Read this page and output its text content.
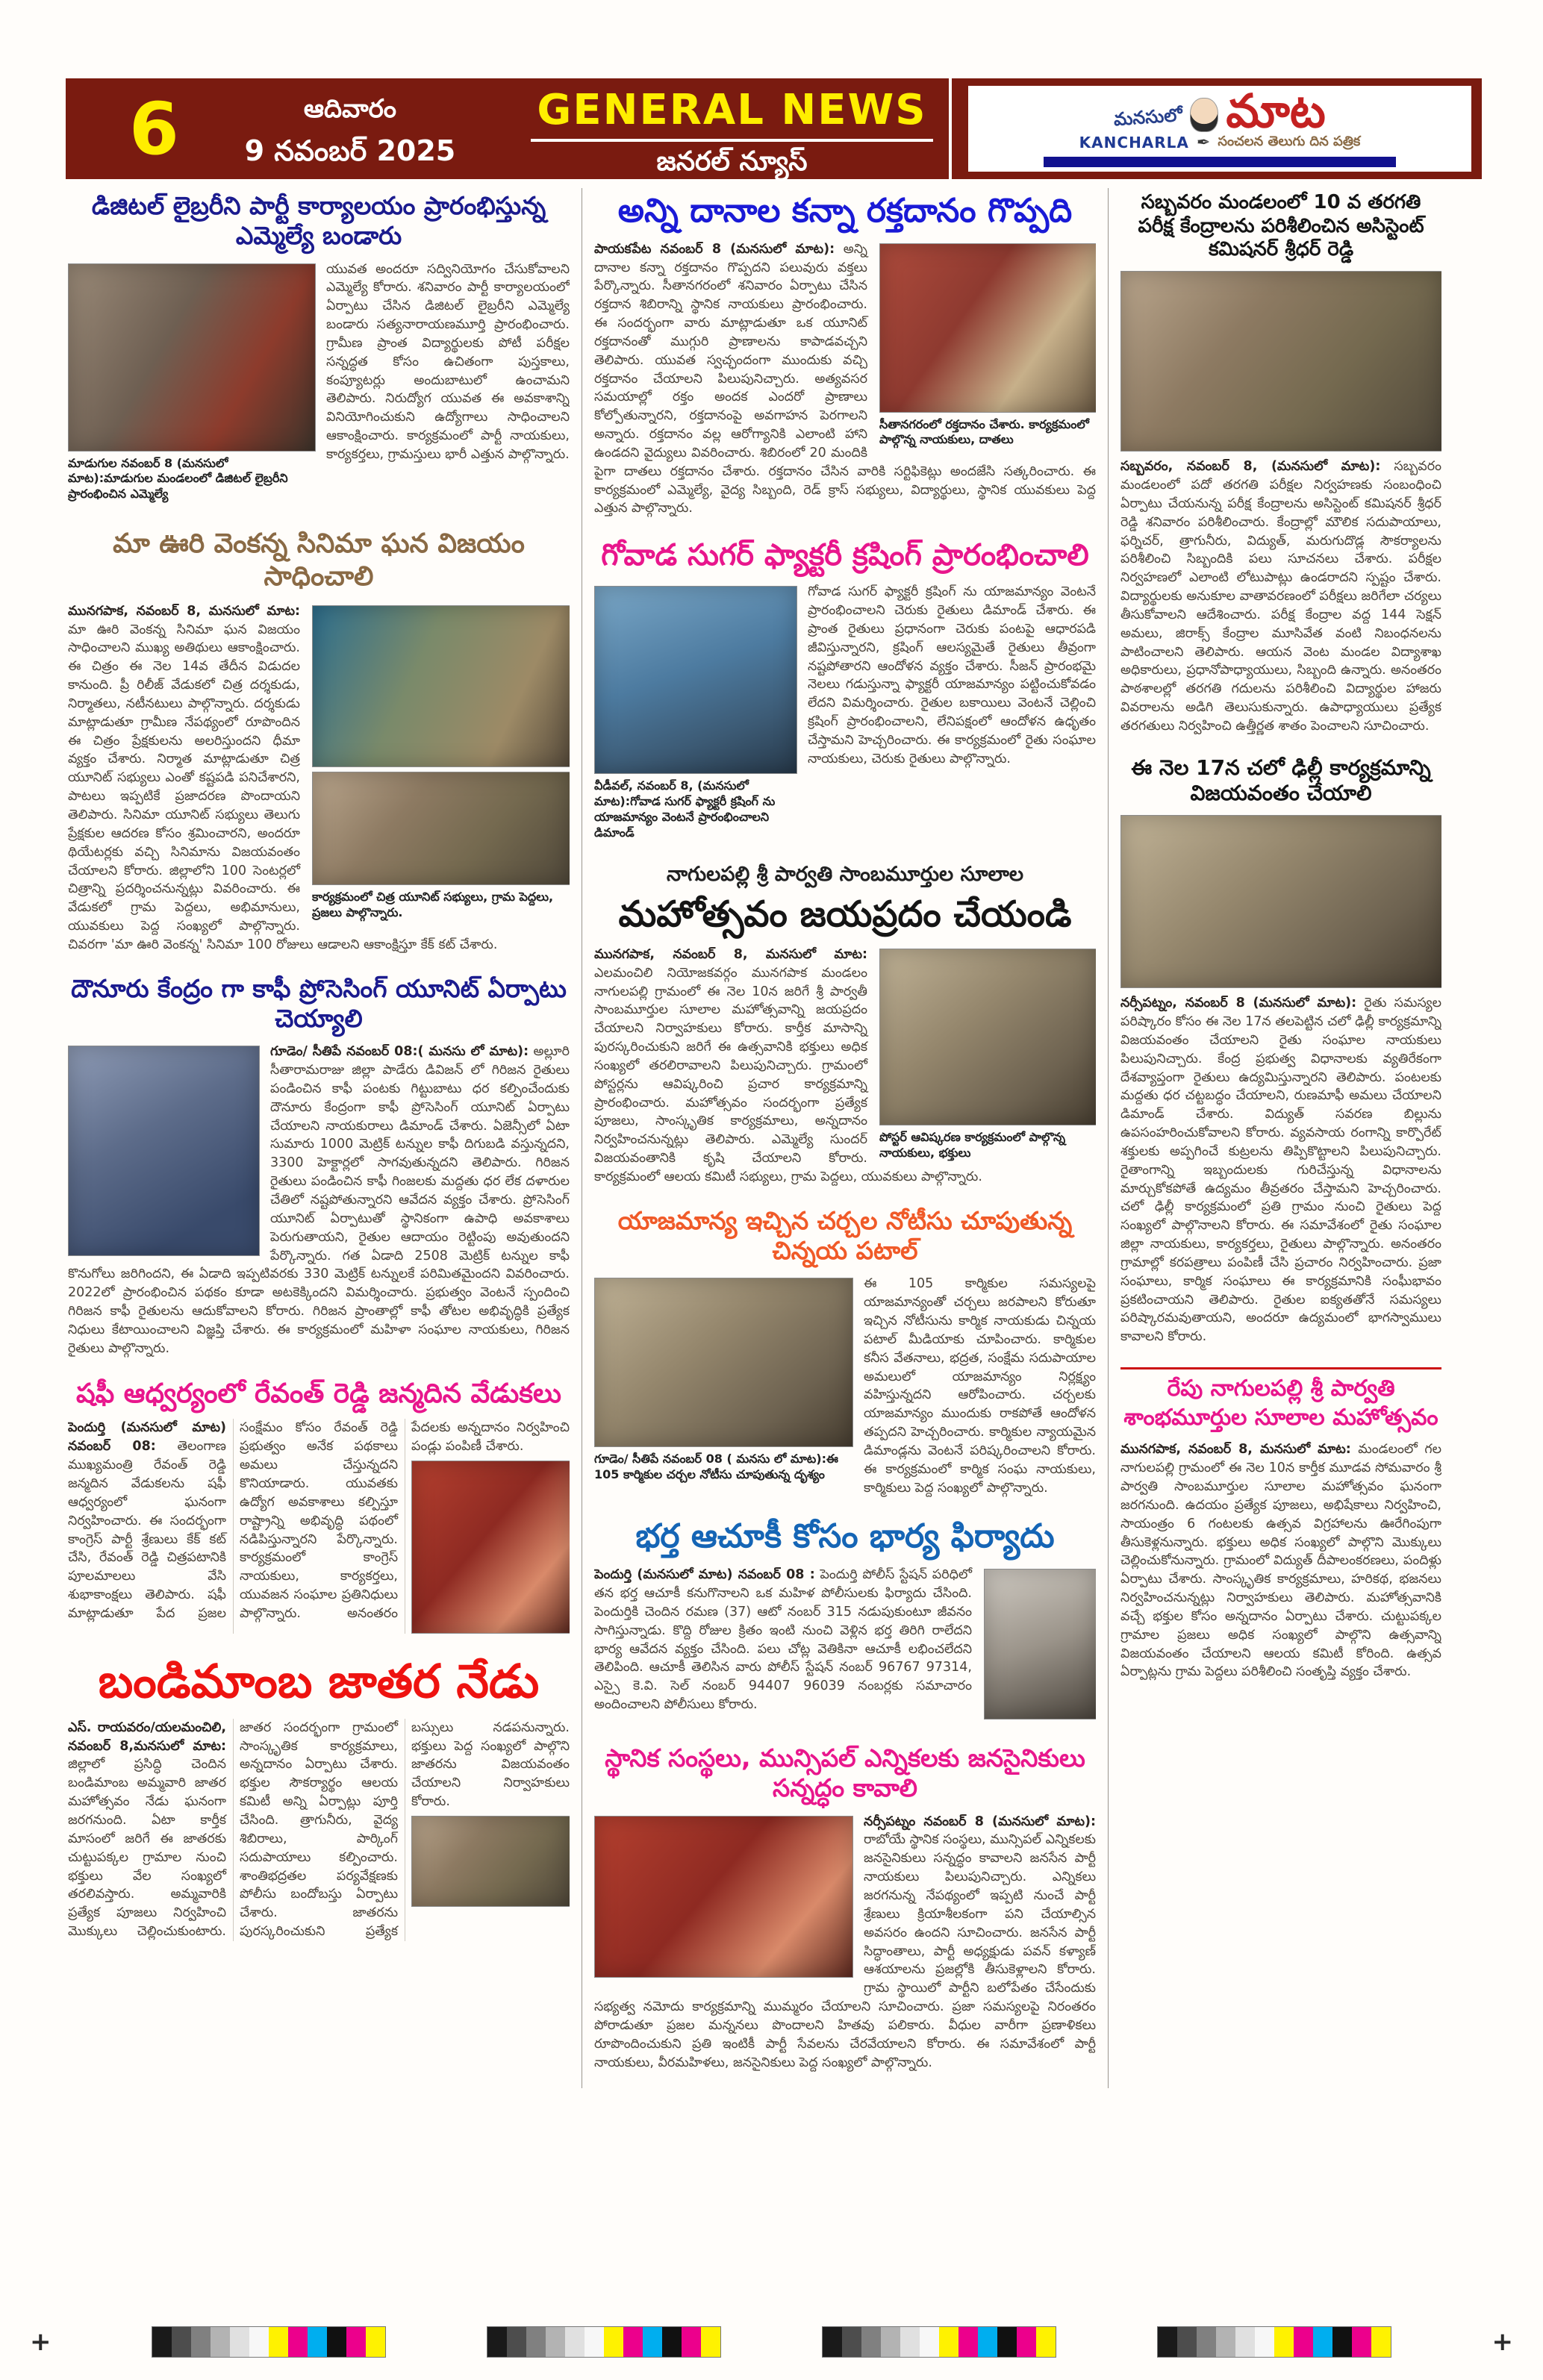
6	ఆదివారం
9 నవంబర్ 2025
GENERAL NEWS
జనరల్ న్యూస్
మనసులో మాట
KANCHARLA ✒ సంచలన తెలుగు దిన పత్రిక
డిజిటల్ లైబ్రరీని పార్టీ కార్యాలయం ప్రారంభిస్తున్న ఎమ్మెల్యే బండారు

మాడుగుల నవంబర్ 8 (మనసులో మాట):మాడుగుల మండలంలో డిజిటల్ లైబ్రరీని ప్రారంభించిన ఎమ్మెల్యే

యువత అందరూ సద్వినియోగం చేసుకోవాలని ఎమ్మెల్యే కోరారు. శనివారం పార్టీ కార్యాలయంలో ఏర్పాటు చేసిన డిజిటల్ లైబ్రరీని ఎమ్మెల్యే బండారు సత్యనారాయణమూర్తి ప్రారంభించారు. గ్రామీణ ప్రాంత విద్యార్థులకు పోటీ పరీక్షల సన్నద్ధత కోసం ఉచితంగా పుస్తకాలు, కంప్యూటర్లు అందుబాటులో ఉంచామని తెలిపారు. నిరుద్యోగ యువత ఈ అవకాశాన్ని వినియోగించుకుని ఉద్యోగాలు సాధించాలని ఆకాంక్షించారు. కార్యక్రమంలో పార్టీ నాయకులు, కార్యకర్తలు, గ్రామస్తులు భారీ ఎత్తున పాల్గొన్నారు.

మా ఊరి వెంకన్న సినిమా ఘన విజయం సాధించాలి

కార్యక్రమంలో చిత్ర యూనిట్ సభ్యులు, గ్రామ పెద్దలు, ప్రజలు పాల్గొన్నారు.

మునగపాక, నవంబర్ 8, మనసులో మాట: మా ఊరి వెంకన్న సినిమా ఘన విజయం సాధించాలని ముఖ్య అతిథులు ఆకాంక్షించారు. ఈ చిత్రం ఈ నెల 14వ తేదీన విడుదల కానుంది. ప్రీ రిలీజ్ వేడుకలో చిత్ర దర్శకుడు, నిర్మాతలు, నటీనటులు పాల్గొన్నారు. దర్శకుడు మాట్లాడుతూ గ్రామీణ నేపథ్యంలో రూపొందిన ఈ చిత్రం ప్రేక్షకులను అలరిస్తుందని ధీమా వ్యక్తం చేశారు. నిర్మాత మాట్లాడుతూ చిత్ర యూనిట్ సభ్యులు ఎంతో కష్టపడి పనిచేశారని, పాటలు ఇప్పటికే ప్రజాదరణ పొందాయని తెలిపారు. సినిమా యూనిట్ సభ్యులు తెలుగు ప్రేక్షకుల ఆదరణ కోసం శ్రమించారని, అందరూ థియేటర్లకు వచ్చి సినిమాను విజయవంతం చేయాలని కోరారు. జిల్లాలోని 100 సెంటర్లలో చిత్రాన్ని ప్రదర్శించనున్నట్లు వివరించారు. ఈ వేడుకలో గ్రామ పెద్దలు, అభిమానులు, యువకులు పెద్ద సంఖ్యలో పాల్గొన్నారు. చివరగా 'మా ఊరి వెంకన్న' సినిమా 100 రోజులు ఆడాలని ఆకాంక్షిస్తూ కేక్ కట్ చేశారు.

దౌనూరు కేంద్రం గా కాఫీ ప్రోసెసింగ్ యూనిట్ ఏర్పాటు చెయ్యాలి

గూడెం/ సీతిపే నవంబర్ 08:( మనసు లో మాట): అల్లూరి సీతారామరాజు జిల్లా పాడేరు డివిజన్ లో గిరిజన రైతులు పండించిన కాఫీ పంటకు గిట్టుబాటు ధర కల్పించేందుకు దౌనూరు కేంద్రంగా కాఫీ ప్రోసెసింగ్ యూనిట్ ఏర్పాటు చేయాలని నాయకురాలు డిమాండ్ చేశారు. ఏజెన్సీలో ఏటా సుమారు 1000 మెట్రిక్ టన్నుల కాఫీ దిగుబడి వస్తున్నదని, 3300 హెక్టార్లలో సాగవుతున్నదని తెలిపారు. గిరిజన రైతులు పండించిన కాఫీ గింజలకు మద్దతు ధర లేక దళారుల చేతిలో నష్టపోతున్నారని ఆవేదన వ్యక్తం చేశారు. ప్రోసెసింగ్ యూనిట్ ఏర్పాటుతో స్థానికంగా ఉపాధి అవకాశాలు పెరుగుతాయని, రైతుల ఆదాయం రెట్టింపు అవుతుందని పేర్కొన్నారు. గత ఏడాది 2508 మెట్రిక్ టన్నుల కాఫీ కొనుగోలు జరిగిందని, ఈ ఏడాది ఇప్పటివరకు 330 మెట్రిక్ టన్నులకే పరిమితమైందని వివరించారు. 2022లో ప్రారంభించిన పథకం కూడా అటకెక్కిందని విమర్శించారు. ప్రభుత్వం వెంటనే స్పందించి గిరిజన కాఫీ రైతులను ఆదుకోవాలని కోరారు. గిరిజన ప్రాంతాల్లో కాఫీ తోటల అభివృద్ధికి ప్రత్యేక నిధులు కేటాయించాలని విజ్ఞప్తి చేశారు. ఈ కార్యక్రమంలో మహిళా సంఘాల నాయకులు, గిరిజన రైతులు పాల్గొన్నారు.

షఫీ ఆధ్వర్యంలో రేవంత్ రెడ్డి జన్మదిన వేడుకలు

పెందుర్తి (మనసులో మాట) నవంబర్ 08: తెలంగాణ ముఖ్యమంత్రి రేవంత్ రెడ్డి జన్మదిన వేడుకలను షఫీ ఆధ్వర్యంలో ఘనంగా నిర్వహించారు. ఈ సందర్భంగా కాంగ్రెస్ పార్టీ శ్రేణులు కేక్ కట్ చేసి, రేవంత్ రెడ్డి చిత్రపటానికి పూలమాలలు వేసి శుభాకాంక్షలు తెలిపారు. షఫీ మాట్లాడుతూ పేద ప్రజల సంక్షేమం కోసం రేవంత్ రెడ్డి ప్రభుత్వం అనేక పథకాలు అమలు చేస్తున్నదని కొనియాడారు. యువతకు ఉద్యోగ అవకాశాలు కల్పిస్తూ రాష్ట్రాన్ని అభివృద్ధి పథంలో నడిపిస్తున్నారని పేర్కొన్నారు. కార్యక్రమంలో కాంగ్రెస్ నాయకులు, కార్యకర్తలు, యువజన సంఘాల ప్రతినిధులు పాల్గొన్నారు. అనంతరం పేదలకు అన్నదానం నిర్వహించి పండ్లు పంపిణీ చేశారు.

బండిమాంబ జాతర నేడు

ఎస్. రాయవరం/యలమంచిలి, నవంబర్ 8,మనసులో మాట: జిల్లాలో ప్రసిద్ధి చెందిన బండిమాంబ అమ్మవారి జాతర మహోత్సవం నేడు ఘనంగా జరగనుంది. ఏటా కార్తీక మాసంలో జరిగే ఈ జాతరకు చుట్టుపక్కల గ్రామాల నుంచి భక్తులు వేల సంఖ్యలో తరలివస్తారు. అమ్మవారికి ప్రత్యేక పూజలు నిర్వహించి మొక్కులు చెల్లించుకుంటారు. జాతర సందర్భంగా గ్రామంలో సాంస్కృతిక కార్యక్రమాలు, అన్నదానం ఏర్పాటు చేశారు. భక్తుల సౌకర్యార్థం ఆలయ కమిటీ అన్ని ఏర్పాట్లు పూర్తి చేసింది. త్రాగునీరు, వైద్య శిబిరాలు, పార్కింగ్ సదుపాయాలు కల్పించారు. శాంతిభద్రతల పర్యవేక్షణకు పోలీసు బందోబస్తు ఏర్పాటు చేశారు. జాతరను పురస్కరించుకుని ప్రత్యేక బస్సులు నడపనున్నారు. భక్తులు పెద్ద సంఖ్యలో పాల్గొని జాతరను విజయవంతం చేయాలని నిర్వాహకులు కోరారు.

అన్ని దానాల కన్నా రక్తదానం గొప్పది

సీతానగరంలో రక్తదానం చేశారు. కార్యక్రమంలో పాల్గొన్న నాయకులు, దాతలు

పాయకపేట నవంబర్ 8 (మనసులో మాట): అన్ని దానాల కన్నా రక్తదానం గొప్పదని పలువురు వక్తలు పేర్కొన్నారు. సీతానగరంలో శనివారం ఏర్పాటు చేసిన రక్తదాన శిబిరాన్ని స్థానిక నాయకులు ప్రారంభించారు. ఈ సందర్భంగా వారు మాట్లాడుతూ ఒక యూనిట్ రక్తదానంతో ముగ్గురి ప్రాణాలను కాపాడవచ్చని తెలిపారు. యువత స్వచ్ఛందంగా ముందుకు వచ్చి రక్తదానం చేయాలని పిలుపునిచ్చారు. అత్యవసర సమయాల్లో రక్తం అందక ఎందరో ప్రాణాలు కోల్పోతున్నారని, రక్తదానంపై అవగాహన పెరగాలని అన్నారు. రక్తదానం వల్ల ఆరోగ్యానికి ఎలాంటి హాని ఉండదని వైద్యులు వివరించారు. శిబిరంలో 20 మందికి పైగా దాతలు రక్తదానం చేశారు. రక్తదానం చేసిన వారికి సర్టిఫికెట్లు అందజేసి సత్కరించారు. ఈ కార్యక్రమంలో ఎమ్మెల్యే, వైద్య సిబ్బంది, రెడ్ క్రాస్ సభ్యులు, విద్యార్థులు, స్థానిక యువకులు పెద్ద ఎత్తున పాల్గొన్నారు.

గోవాడ సుగర్ ఫ్యాక్టరీ క్రషింగ్ ప్రారంభించాలి

వీడీవల్, నవంబర్ 8, (మనసులో మాట):గోవాడ సుగర్ ఫ్యాక్టరీ క్రషింగ్ ను యాజమాన్యం వెంటనే ప్రారంభించాలని డిమాండ్

గోవాడ సుగర్ ఫ్యాక్టరీ క్రషింగ్ ను యాజమాన్యం వెంటనే ప్రారంభించాలని చెరుకు రైతులు డిమాండ్ చేశారు. ఈ ప్రాంత రైతులు ప్రధానంగా చెరుకు పంటపై ఆధారపడి జీవిస్తున్నారని, క్రషింగ్ ఆలస్యమైతే రైతులు తీవ్రంగా నష్టపోతారని ఆందోళన వ్యక్తం చేశారు. సీజన్ ప్రారంభమై నెలలు గడుస్తున్నా ఫ్యాక్టరీ యాజమాన్యం పట్టించుకోవడం లేదని విమర్శించారు. రైతుల బకాయిలు వెంటనే చెల్లించి క్రషింగ్ ప్రారంభించాలని, లేనిపక్షంలో ఆందోళన ఉధృతం చేస్తామని హెచ్చరించారు. ఈ కార్యక్రమంలో రైతు సంఘాల నాయకులు, చెరుకు రైతులు పాల్గొన్నారు.

నాగులపల్లి శ్రీ పార్వతి సాంబమూర్తుల సూలాల
మహోత్సవం జయప్రదం చేయండి

పోస్టర్ ఆవిష్కరణ కార్యక్రమంలో పాల్గొన్న నాయకులు, భక్తులు

మునగపాక, నవంబర్ 8, మనసులో మాట: ఎలమంచిలి నియోజకవర్గం మునగపాక మండలం నాగులపల్లి గ్రామంలో ఈ నెల 10న జరిగే శ్రీ పార్వతీ సాంబమూర్తుల సూలాల మహోత్సవాన్ని జయప్రదం చేయాలని నిర్వాహకులు కోరారు. కార్తీక మాసాన్ని పురస్కరించుకుని జరిగే ఈ ఉత్సవానికి భక్తులు అధిక సంఖ్యలో తరలిరావాలని పిలుపునిచ్చారు. గ్రామంలో పోస్టర్లను ఆవిష్కరించి ప్రచార కార్యక్రమాన్ని ప్రారంభించారు. మహోత్సవం సందర్భంగా ప్రత్యేక పూజలు, సాంస్కృతిక కార్యక్రమాలు, అన్నదానం నిర్వహించనున్నట్లు తెలిపారు. ఎమ్మెల్యే సుందర్ విజయవంతానికి కృషి చేయాలని కోరారు. కార్యక్రమంలో ఆలయ కమిటీ సభ్యులు, గ్రామ పెద్దలు, యువకులు పాల్గొన్నారు.

యాజమాన్య ఇచ్చిన చర్చల నోటీసు చూపుతున్న చిన్నయ పటాల్

గూడెం/ సీతిపే నవంబర్ 08 ( మనసు లో మాట):ఈ 105 కార్మికుల చర్చల నోటీసు చూపుతున్న దృశ్యం

ఈ 105 కార్మికుల సమస్యలపై యాజమాన్యంతో చర్చలు జరపాలని కోరుతూ ఇచ్చిన నోటీసును కార్మిక నాయకుడు చిన్నయ పటాల్ మీడియాకు చూపించారు. కార్మికుల కనీస వేతనాలు, భద్రత, సంక్షేమ సదుపాయాల అమలులో యాజమాన్యం నిర్లక్ష్యం వహిస్తున్నదని ఆరోపించారు. చర్చలకు యాజమాన్యం ముందుకు రాకపోతే ఆందోళన తప్పదని హెచ్చరించారు. కార్మికుల న్యాయమైన డిమాండ్లను వెంటనే పరిష్కరించాలని కోరారు. ఈ కార్యక్రమంలో కార్మిక సంఘ నాయకులు, కార్మికులు పెద్ద సంఖ్యలో పాల్గొన్నారు.

భర్త ఆచూకీ కోసం భార్య ఫిర్యాదు

పెందుర్తి (మనసులో మాట) నవంబర్ 08 : పెందుర్తి పోలీస్ స్టేషన్ పరిధిలో తన భర్త ఆచూకీ కనుగొనాలని ఒక మహిళ పోలీసులకు ఫిర్యాదు చేసింది. పెందుర్తికి చెందిన రమణ (37) ఆటో నంబర్ 315 నడుపుకుంటూ జీవనం సాగిస్తున్నాడు. కొద్ది రోజుల క్రితం ఇంటి నుంచి వెళ్లిన భర్త తిరిగి రాలేదని భార్య ఆవేదన వ్యక్తం చేసింది. పలు చోట్ల వెతికినా ఆచూకీ లభించలేదని తెలిపింది. ఆచూకీ తెలిసిన వారు పోలీస్ స్టేషన్ నంబర్ 96767 97314, ఎస్సై కె.వి. సెల్ నంబర్ 94407 96039 నంబర్లకు సమాచారం అందించాలని పోలీసులు కోరారు.

స్థానిక సంస్థలు, మున్సిపల్ ఎన్నికలకు జనసైనికులు సన్నద్ధం కావాలి

నర్సీపట్నం నవంబర్ 8 (మనసులో మాట): రాబోయే స్థానిక సంస్థలు, మున్సిపల్ ఎన్నికలకు జనసైనికులు సన్నద్ధం కావాలని జనసేన పార్టీ నాయకులు పిలుపునిచ్చారు. ఎన్నికలు జరగనున్న నేపథ్యంలో ఇప్పటి నుంచే పార్టీ శ్రేణులు క్రియాశీలకంగా పని చేయాల్సిన అవసరం ఉందని సూచించారు. జనసేన పార్టీ సిద్ధాంతాలు, పార్టీ అధ్యక్షుడు పవన్ కళ్యాణ్ ఆశయాలను ప్రజల్లోకి తీసుకెళ్లాలని కోరారు. గ్రామ స్థాయిలో పార్టీని బలోపేతం చేసేందుకు సభ్యత్వ నమోదు కార్యక్రమాన్ని ముమ్మరం చేయాలని సూచించారు. ప్రజా సమస్యలపై నిరంతరం పోరాడుతూ ప్రజల మన్ననలు పొందాలని హితవు పలికారు. వీధుల వారీగా ప్రణాళికలు రూపొందించుకుని ప్రతి ఇంటికీ పార్టీ సేవలను చేరవేయాలని కోరారు. ఈ సమావేశంలో పార్టీ నాయకులు, వీరమహిళలు, జనసైనికులు పెద్ద సంఖ్యలో పాల్గొన్నారు.

సబ్బవరం మండలంలో 10 వ తరగతి పరీక్ష కేంద్రాలను పరిశీలించిన అసిస్టెంట్ కమిషనర్ శ్రీధర్ రెడ్డి

సబ్బవరం, నవంబర్ 8, (మనసులో మాట): సబ్బవరం మండలంలో పదో తరగతి పరీక్షల నిర్వహణకు సంబంధించి ఏర్పాటు చేయనున్న పరీక్ష కేంద్రాలను అసిస్టెంట్ కమిషనర్ శ్రీధర్ రెడ్డి శనివారం పరిశీలించారు. కేంద్రాల్లో మౌలిక సదుపాయాలు, ఫర్నిచర్, త్రాగునీరు, విద్యుత్, మరుగుదొడ్ల సౌకర్యాలను పరిశీలించి సిబ్బందికి పలు సూచనలు చేశారు. పరీక్షల నిర్వహణలో ఎలాంటి లోటుపాట్లు ఉండరాదని స్పష్టం చేశారు. విద్యార్థులకు అనుకూల వాతావరణంలో పరీక్షలు జరిగేలా చర్యలు తీసుకోవాలని ఆదేశించారు. పరీక్ష కేంద్రాల వద్ద 144 సెక్షన్ అమలు, జిరాక్స్ కేంద్రాల మూసివేత వంటి నిబంధనలను పాటించాలని తెలిపారు. ఆయన వెంట మండల విద్యాశాఖ అధికారులు, ప్రధానోపాధ్యాయులు, సిబ్బంది ఉన్నారు. అనంతరం పాఠశాలల్లో తరగతి గదులను పరిశీలించి విద్యార్థుల హాజరు వివరాలను అడిగి తెలుసుకున్నారు. ఉపాధ్యాయులు ప్రత్యేక తరగతులు నిర్వహించి ఉత్తీర్ణత శాతం పెంచాలని సూచించారు.

ఈ నెల 17న చలో ఢిల్లీ కార్యక్రమాన్ని విజయవంతం చేయాలి

నర్సీపట్నం, నవంబర్ 8 (మనసులో మాట): రైతు సమస్యల పరిష్కారం కోసం ఈ నెల 17న తలపెట్టిన చలో ఢిల్లీ కార్యక్రమాన్ని విజయవంతం చేయాలని రైతు సంఘాల నాయకులు పిలుపునిచ్చారు. కేంద్ర ప్రభుత్వ విధానాలకు వ్యతిరేకంగా దేశవ్యాప్తంగా రైతులు ఉద్యమిస్తున్నారని తెలిపారు. పంటలకు మద్దతు ధర చట్టబద్ధం చేయాలని, రుణమాఫీ అమలు చేయాలని డిమాండ్ చేశారు. విద్యుత్ సవరణ బిల్లును ఉపసంహరించుకోవాలని కోరారు. వ్యవసాయ రంగాన్ని కార్పొరేట్ శక్తులకు అప్పగించే కుట్రలను తిప్పికొట్టాలని పిలుపునిచ్చారు. రైతాంగాన్ని ఇబ్బందులకు గురిచేస్తున్న విధానాలను మార్చుకోకపోతే ఉద్యమం తీవ్రతరం చేస్తామని హెచ్చరించారు. చలో ఢిల్లీ కార్యక్రమంలో ప్రతి గ్రామం నుంచి రైతులు పెద్ద సంఖ్యలో పాల్గొనాలని కోరారు. ఈ సమావేశంలో రైతు సంఘాల జిల్లా నాయకులు, కార్యకర్తలు, రైతులు పాల్గొన్నారు. అనంతరం గ్రామాల్లో కరపత్రాలు పంపిణీ చేసి ప్రచారం నిర్వహించారు. ప్రజా సంఘాలు, కార్మిక సంఘాలు ఈ కార్యక్రమానికి సంఘీభావం ప్రకటించాయని తెలిపారు. రైతుల ఐక్యతతోనే సమస్యలు పరిష్కారమవుతాయని, అందరూ ఉద్యమంలో భాగస్వాములు కావాలని కోరారు.

రేపు నాగులపల్లి శ్రీ పార్వతి
శాంభమూర్తుల సూలాల మహోత్సవం

మునగపాక, నవంబర్ 8, మనసులో మాట: మండలంలో గల నాగులపల్లి గ్రామంలో ఈ నెల 10న కార్తీక మూడవ సోమవారం శ్రీ పార్వతి సాంబమూర్తుల సూలాల మహోత్సవం ఘనంగా జరగనుంది. ఉదయం ప్రత్యేక పూజలు, అభిషేకాలు నిర్వహించి, సాయంత్రం 6 గంటలకు ఉత్సవ విగ్రహాలను ఊరేగింపుగా తీసుకెళ్లనున్నారు. భక్తులు అధిక సంఖ్యలో పాల్గొని మొక్కులు చెల్లించుకోనున్నారు. గ్రామంలో విద్యుత్ దీపాలంకరణలు, పందిళ్లు ఏర్పాటు చేశారు. సాంస్కృతిక కార్యక్రమాలు, హరికథ, భజనలు నిర్వహించనున్నట్లు నిర్వాహకులు తెలిపారు. మహోత్సవానికి వచ్చే భక్తుల కోసం అన్నదానం ఏర్పాటు చేశారు. చుట్టుపక్కల గ్రామాల ప్రజలు అధిక సంఖ్యలో పాల్గొని ఉత్సవాన్ని విజయవంతం చేయాలని ఆలయ కమిటీ కోరింది. ఉత్సవ ఏర్పాట్లను గ్రామ పెద్దలు పరిశీలించి సంతృప్తి వ్యక్తం చేశారు.

+	+
